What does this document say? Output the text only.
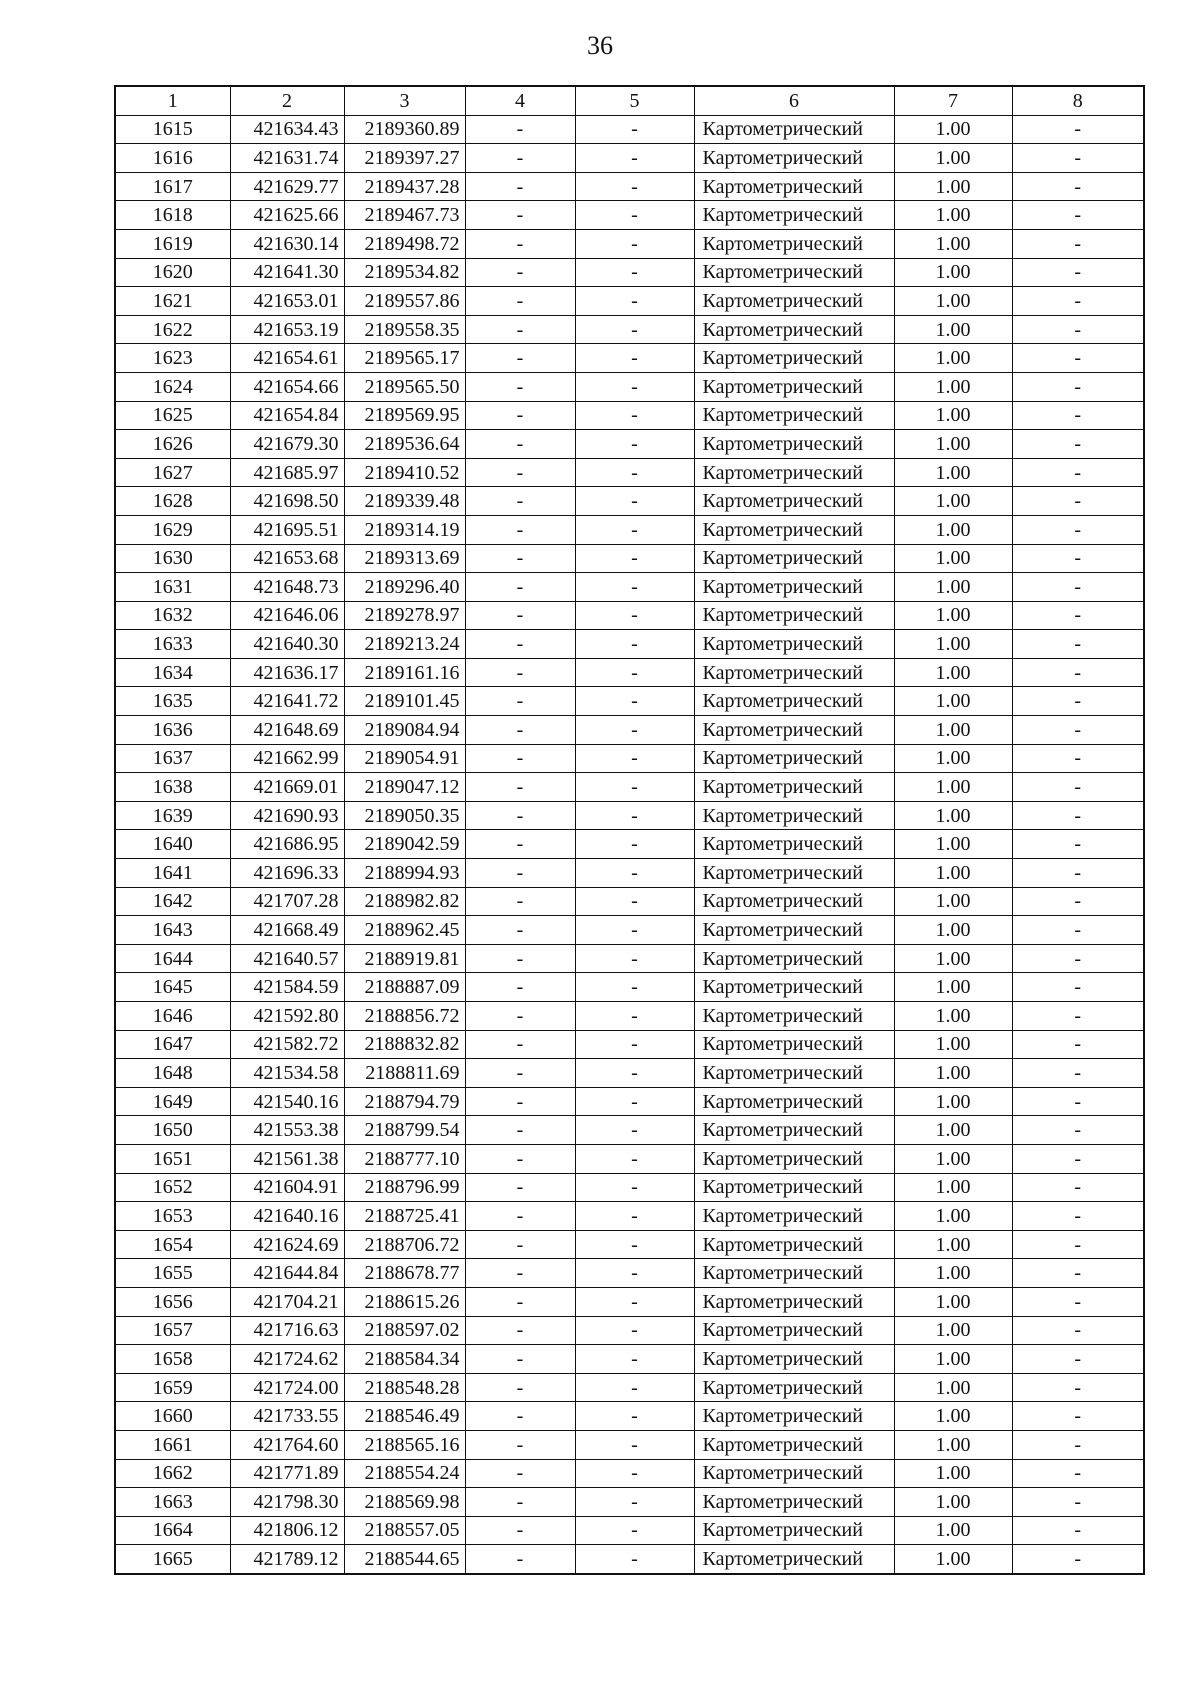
36
1	2	3	4	5	6	7	8
1615	421634.43	2189360.89	-	-	Картометрический	1.00	-
1616	421631.74	2189397.27	-	-	Картометрический	1.00	-
1617	421629.77	2189437.28	-	-	Картометрический	1.00	-
1618	421625.66	2189467.73	-	-	Картометрический	1.00	-
1619	421630.14	2189498.72	-	-	Картометрический	1.00	-
1620	421641.30	2189534.82	-	-	Картометрический	1.00	-
1621	421653.01	2189557.86	-	-	Картометрический	1.00	-
1622	421653.19	2189558.35	-	-	Картометрический	1.00	-
1623	421654.61	2189565.17	-	-	Картометрический	1.00	-
1624	421654.66	2189565.50	-	-	Картометрический	1.00	-
1625	421654.84	2189569.95	-	-	Картометрический	1.00	-
1626	421679.30	2189536.64	-	-	Картометрический	1.00	-
1627	421685.97	2189410.52	-	-	Картометрический	1.00	-
1628	421698.50	2189339.48	-	-	Картометрический	1.00	-
1629	421695.51	2189314.19	-	-	Картометрический	1.00	-
1630	421653.68	2189313.69	-	-	Картометрический	1.00	-
1631	421648.73	2189296.40	-	-	Картометрический	1.00	-
1632	421646.06	2189278.97	-	-	Картометрический	1.00	-
1633	421640.30	2189213.24	-	-	Картометрический	1.00	-
1634	421636.17	2189161.16	-	-	Картометрический	1.00	-
1635	421641.72	2189101.45	-	-	Картометрический	1.00	-
1636	421648.69	2189084.94	-	-	Картометрический	1.00	-
1637	421662.99	2189054.91	-	-	Картометрический	1.00	-
1638	421669.01	2189047.12	-	-	Картометрический	1.00	-
1639	421690.93	2189050.35	-	-	Картометрический	1.00	-
1640	421686.95	2189042.59	-	-	Картометрический	1.00	-
1641	421696.33	2188994.93	-	-	Картометрический	1.00	-
1642	421707.28	2188982.82	-	-	Картометрический	1.00	-
1643	421668.49	2188962.45	-	-	Картометрический	1.00	-
1644	421640.57	2188919.81	-	-	Картометрический	1.00	-
1645	421584.59	2188887.09	-	-	Картометрический	1.00	-
1646	421592.80	2188856.72	-	-	Картометрический	1.00	-
1647	421582.72	2188832.82	-	-	Картометрический	1.00	-
1648	421534.58	2188811.69	-	-	Картометрический	1.00	-
1649	421540.16	2188794.79	-	-	Картометрический	1.00	-
1650	421553.38	2188799.54	-	-	Картометрический	1.00	-
1651	421561.38	2188777.10	-	-	Картометрический	1.00	-
1652	421604.91	2188796.99	-	-	Картометрический	1.00	-
1653	421640.16	2188725.41	-	-	Картометрический	1.00	-
1654	421624.69	2188706.72	-	-	Картометрический	1.00	-
1655	421644.84	2188678.77	-	-	Картометрический	1.00	-
1656	421704.21	2188615.26	-	-	Картометрический	1.00	-
1657	421716.63	2188597.02	-	-	Картометрический	1.00	-
1658	421724.62	2188584.34	-	-	Картометрический	1.00	-
1659	421724.00	2188548.28	-	-	Картометрический	1.00	-
1660	421733.55	2188546.49	-	-	Картометрический	1.00	-
1661	421764.60	2188565.16	-	-	Картометрический	1.00	-
1662	421771.89	2188554.24	-	-	Картометрический	1.00	-
1663	421798.30	2188569.98	-	-	Картометрический	1.00	-
1664	421806.12	2188557.05	-	-	Картометрический	1.00	-
1665	421789.12	2188544.65	-	-	Картометрический	1.00	-
